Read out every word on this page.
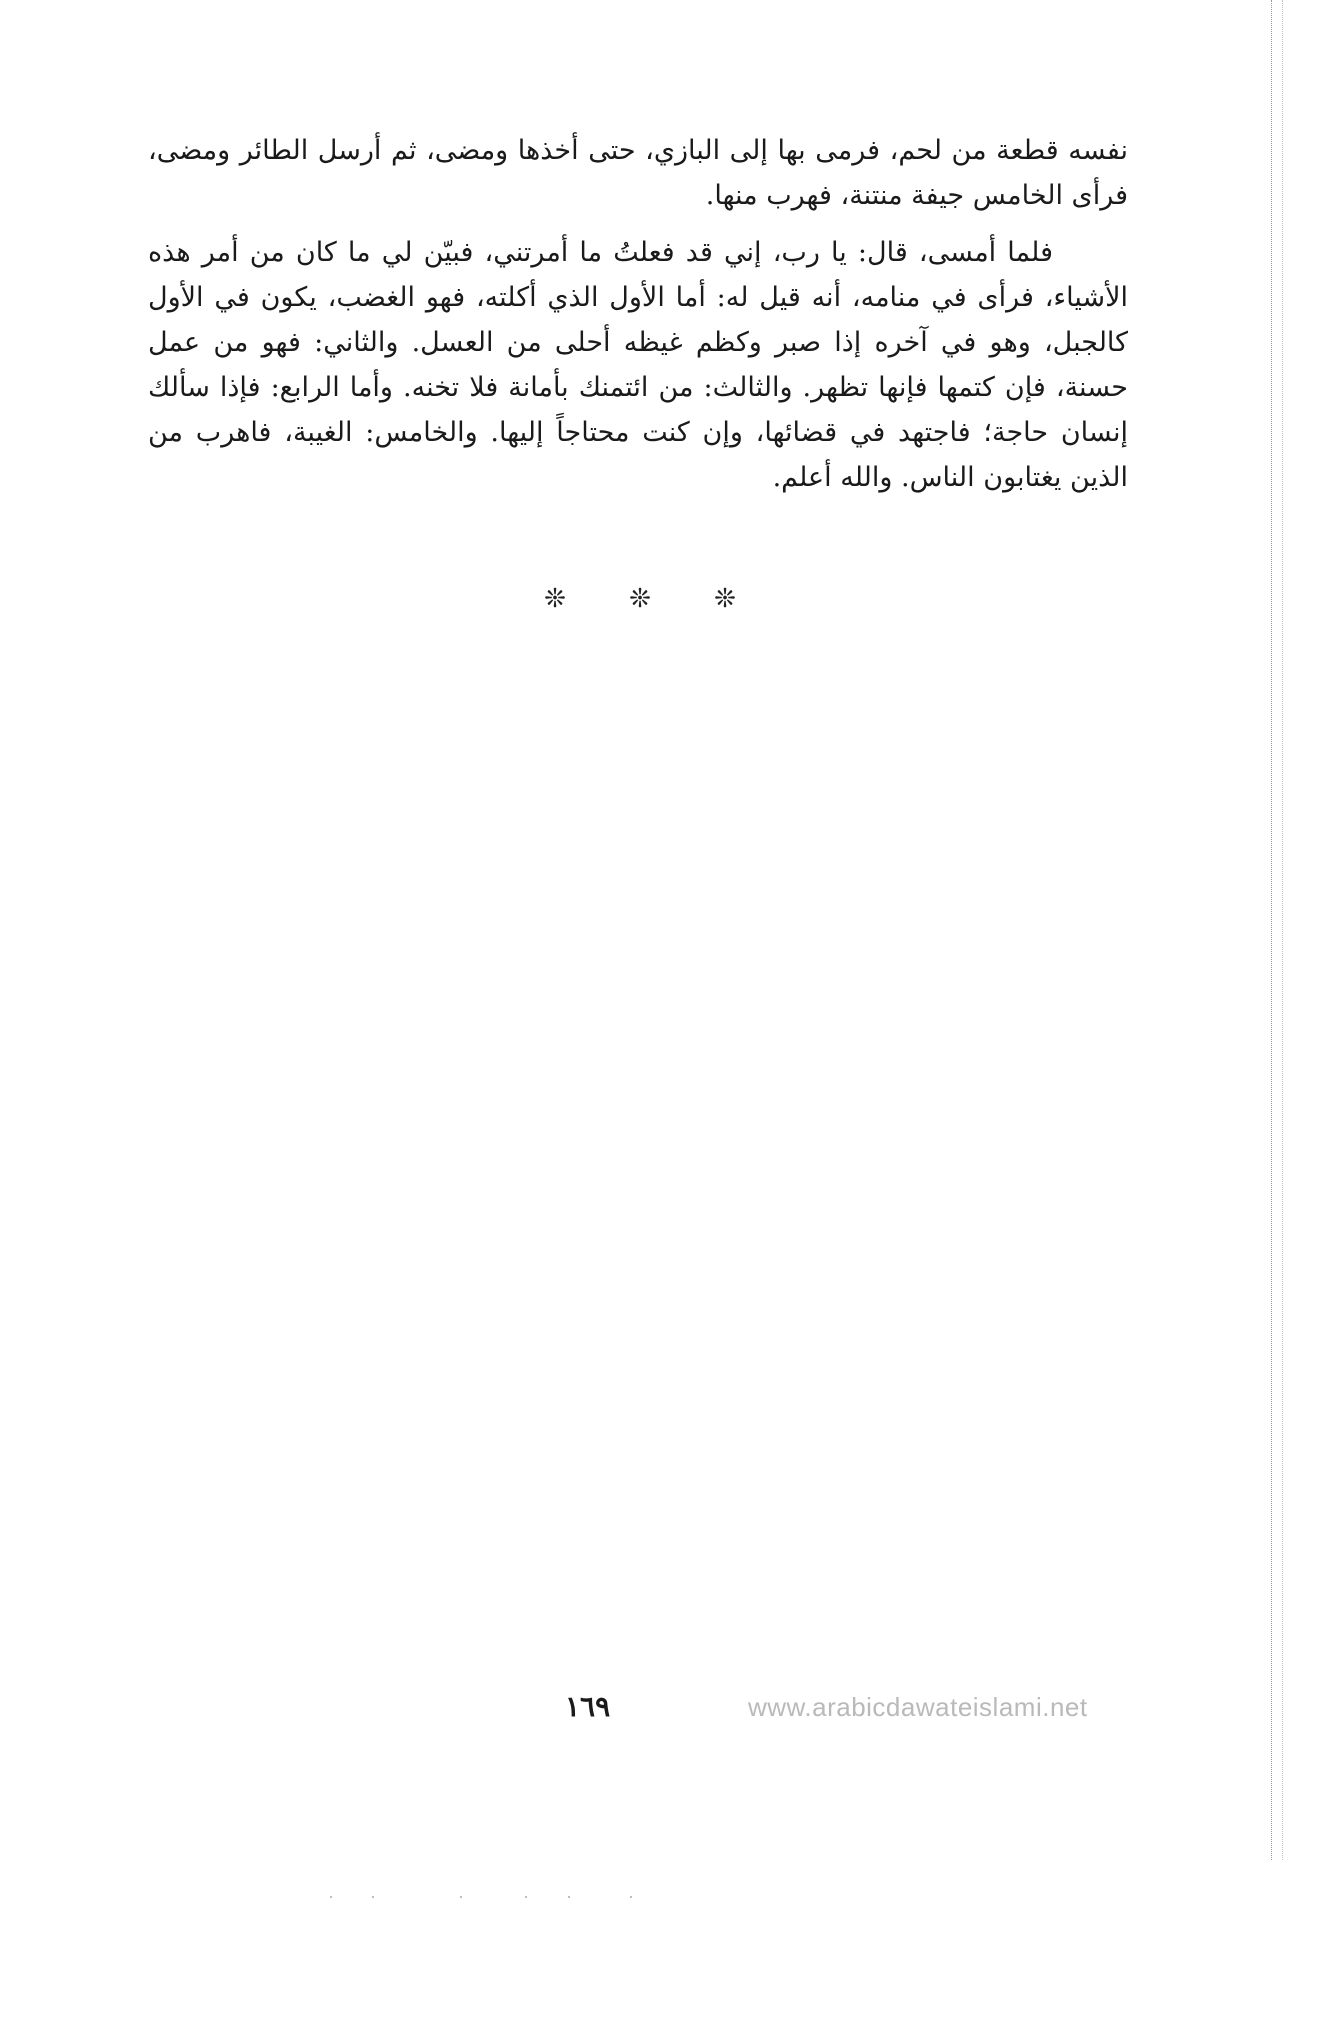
نفسه قطعة من لحم، فرمى بها إلى البازي، حتى أخذها ومضى، ثم أرسل الطائر ومضى، فرأى الخامس جيفة منتنة، فهرب منها.

فلما أمسى، قال: يا رب، إني قد فعلتُ ما أمرتني، فبيّن لي ما كان من أمر هذه الأشياء، فرأى في منامه، أنه قيل له: أما الأول الذي أكلته، فهو الغضب، يكون في الأول كالجبل، وهو في آخره إذا صبر وكظم غيظه أحلى من العسل. والثاني: فهو من عمل حسنة، فإن كتمها فإنها تظهر. والثالث: من ائتمنك بأمانة فلا تخنه. وأما الرابع: فإذا سألك إنسان حاجة؛ فاجتهد في قضائها، وإن كنت محتاجاً إليها. والخامس: الغيبة، فاهرب من الذين يغتابون الناس. والله أعلم.

❊ ❊ ❊
١٦٩	www.arabicdawateislami.net
